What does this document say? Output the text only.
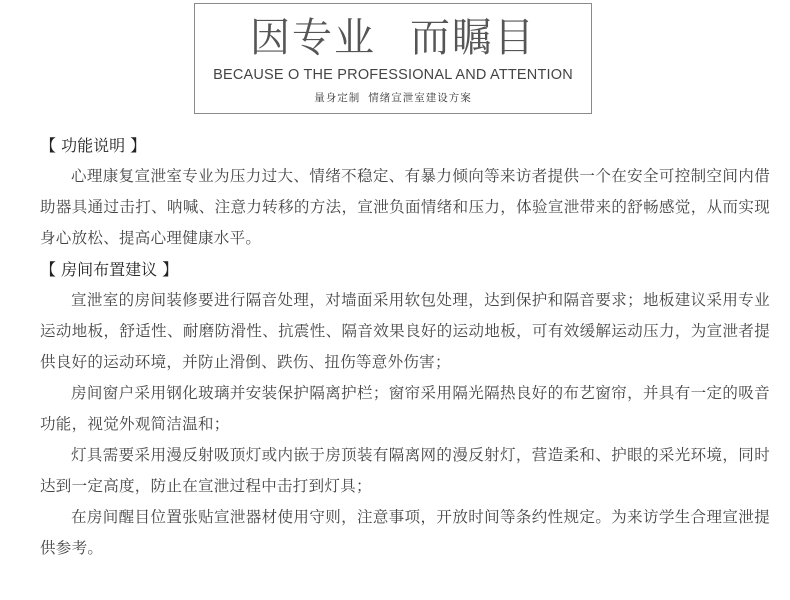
因专业 而瞩目
BECAUSE O THE PROFESSIONAL AND ATTENTION
量身定制 情绪宣泄室建设方案
【 功能说明 】

心理康复宣泄室专业为压力过大、情绪不稳定、有暴力倾向等来访者提供一个在安全可控制空间内借助器具通过击打、呐喊、注意力转移的方法，宣泄负面情绪和压力，体验宣泄带来的舒畅感觉，从而实现身心放松、提高心理健康水平。

【 房间布置建议 】

宣泄室的房间装修要进行隔音处理，对墙面采用软包处理，达到保护和隔音要求；地板建议采用专业运动地板，舒适性、耐磨防滑性、抗震性、隔音效果良好的运动地板，可有效缓解运动压力，为宣泄者提供良好的运动环境，并防止滑倒、跌伤、扭伤等意外伤害；

房间窗户采用钢化玻璃并安装保护隔离护栏；窗帘采用隔光隔热良好的布艺窗帘，并具有一定的吸音功能，视觉外观简洁温和；

灯具需要采用漫反射吸顶灯或内嵌于房顶装有隔离网的漫反射灯，营造柔和、护眼的采光环境，同时达到一定高度，防止在宣泄过程中击打到灯具；

在房间醒目位置张贴宣泄器材使用守则，注意事项，开放时间等条约性规定。为来访学生合理宣泄提供参考。
